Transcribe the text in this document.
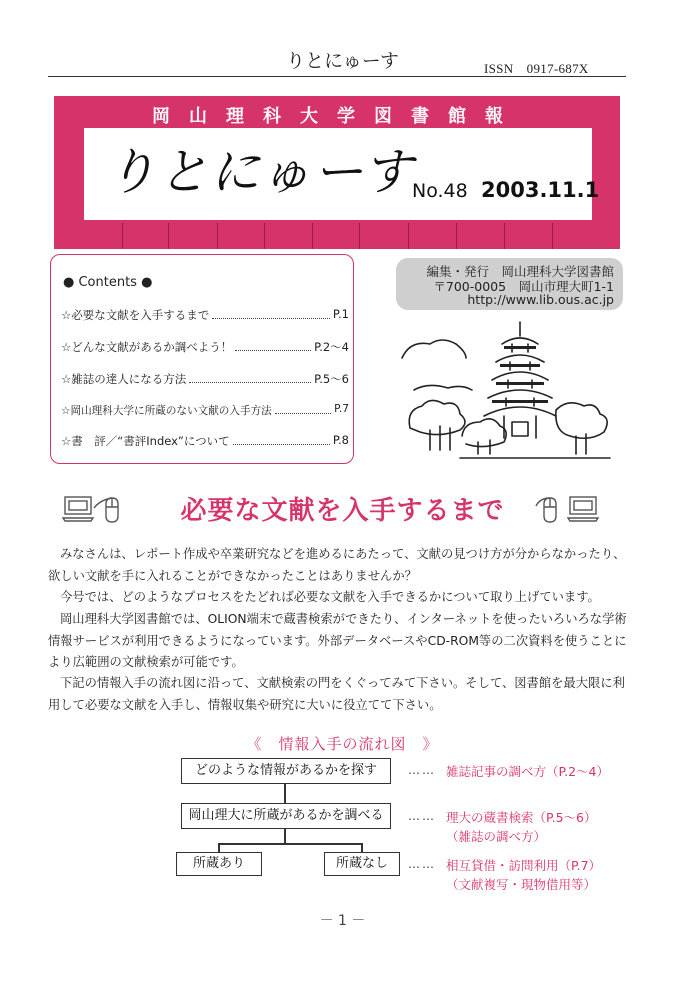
りとにゅーす	ISSN　0917-687X
岡山理科大学図書館報
りとにゅーす
No.48 2003.11.1
● Contents ●
☆必要な文献を入手するまで	P.1
☆どんな文献があるか調べよう！	P.2～4
☆雑誌の達人になる方法	P.5～6
☆岡山理科大学に所蔵のない文献の入手方法	P.7
☆書　評／“書評Index”について	P.8
編集・発行　岡山理科大学図書館
〒700-0005　岡山市理大町1-1
http://www.lib.ous.ac.jp
必要な文献を入手するまで
みなさんは、レポート作成や卒業研究などを進めるにあたって、文献の見つけ方が分からなかったり、欲しい文献を手に入れることができなかったことはありませんか？
今号では、どのようなプロセスをたどれば必要な文献を入手できるかについて取り上げています。
岡山理科大学図書館では、OLION端末で蔵書検索ができたり、インターネットを使ったいろいろな学術情報サービスが利用できるようになっています。外部データベースやCD-ROM等の二次資料を使うことにより広範囲の文献検索が可能です。
下記の情報入手の流れ図に沿って、文献検索の門をくぐってみて下さい。そして、図書館を最大限に利用して必要な文献を入手し、情報収集や研究に大いに役立てて下さい。
《　情報入手の流れ図　》
どのような情報があるかを探す
岡山理大に所蔵があるかを調べる
所蔵あり	所蔵なし
…… 雑誌記事の調べ方（P.2～4）
…… 理大の蔵書検索（P.5～6）
（雑誌の調べ方）
…… 相互貸借・訪問利用（P.7）
（文献複写・現物借用等）
－ 1 －
